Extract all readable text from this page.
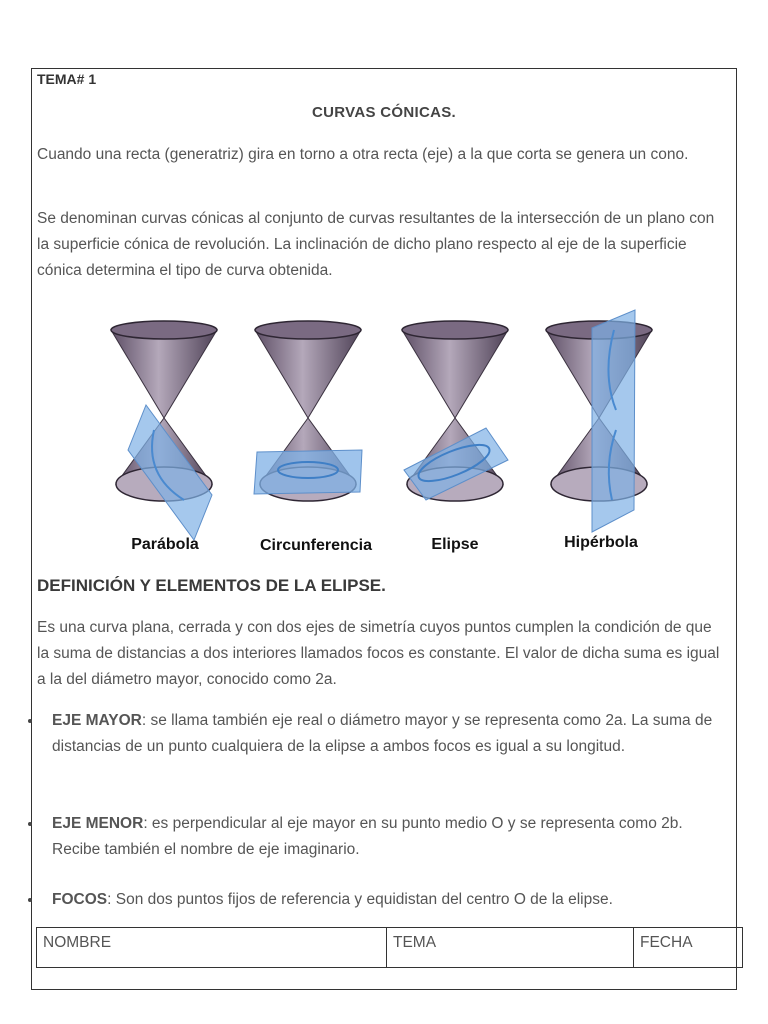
TEMA# 1
CURVAS CÓNICAS.

Cuando una recta (generatriz) gira en torno a otra recta (eje) a la que corta se genera un cono.

Se denominan curvas cónicas al conjunto de curvas resultantes de la intersección de un plano con la superficie cónica de revolución. La inclinación de dicho plano respecto al eje de la superficie cónica determina el tipo de curva obtenida.

Parábola	Circunferencia	Elipse	Hipérbola
DEFINICIÓN Y ELEMENTOS DE LA ELIPSE.

Es una curva plana, cerrada y con dos ejes de simetría cuyos puntos cumplen la condición de que la suma de distancias a dos interiores llamados focos es constante. El valor de dicha suma es igual a la del diámetro mayor, conocido como 2a.

EJE MAYOR: se llama también eje real o diámetro mayor y se representa como 2a. La suma de distancias de un punto cualquiera de la elipse a ambos focos es igual a su longitud.
EJE MENOR: es perpendicular al eje mayor en su punto medio O y se representa como 2b. Recibe también el nombre de eje imaginario.
FOCOS: Son dos puntos fijos de referencia y equidistan del centro O de la elipse.
NOMBRE	TEMA	FECHA
